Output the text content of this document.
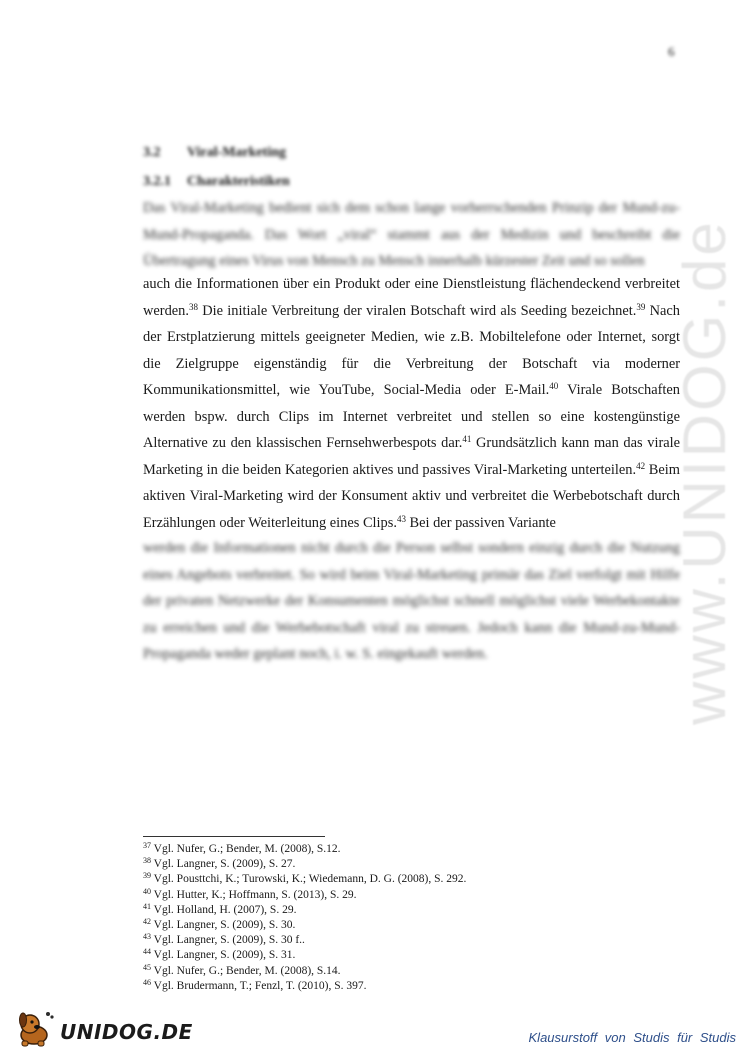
6
3.2 Viral-Marketing
3.2.1 Charakteristiken
Das Viral-Marketing bedient sich dem schon lange vorherrschenden Prinzip der Mund-zu-Mund-Propaganda. Das Wort „viral“ stammt aus der Medizin und beschreibt die Übertragung eines Virus von Mensch zu Mensch innerhalb kürzester Zeit und so sollen
auch die Informationen über ein Produkt oder eine Dienstleistung flächendeckend verbreitet werden.$^{38}$ Die initiale Verbreitung der viralen Botschaft wird als Seeding bezeichnet.$^{39}$ Nach der Erstplatzierung mittels geeigneter Medien, wie z.B. Mobiltelefone oder Internet, sorgt die Zielgruppe eigenständig für die Verbreitung der Botschaft via moderner Kommunikationsmittel, wie YouTube, Social-Media oder E-Mail.$^{40}$ Virale Botschaften werden bspw. durch Clips im Internet verbreitet und stellen so eine kostengünstige Alternative zu den klassischen Fernsehwerbespots dar.$^{41}$ Grundsätzlich kann man das virale Marketing in die beiden Kategorien aktives und passives Viral-Marketing unterteilen.$^{42}$ Beim aktiven Viral-Marketing wird der Konsument aktiv und verbreitet die Werbebotschaft durch Erzählungen oder Weiterleitung eines Clips.$^{43}$ Bei der passiven Variante
werden die Informationen nicht durch die Person selbst sondern einzig durch die Nutzung eines Angebots verbreitet. So wird beim Viral-Marketing primär das Ziel verfolgt mit Hilfe der privaten Netzwerke der Konsumenten möglichst schnell möglichst viele Werbekontakte zu erreichen und die Werbebotschaft viral zu streuen. Jedoch kann die Mund-zu-Mund-Propaganda weder geplant noch, i. w. S. eingekauft werden.
$^{37}$ Vgl. Nufer, G.; Bender, M. (2008), S.12.
$^{38}$ Vgl. Langner, S. (2009), S. 27.
$^{39}$ Vgl. Pousttchi, K.; Turowski, K.; Wiedemann, D. G. (2008), S. 292.
$^{40}$ Vgl. Hutter, K.; Hoffmann, S. (2013), S. 29.
$^{41}$ Vgl. Holland, H. (2007), S. 29.
$^{42}$ Vgl. Langner, S. (2009), S. 30.
$^{43}$ Vgl. Langner, S. (2009), S. 30 f..
$^{44}$ Vgl. Langner, S. (2009), S. 31.
$^{45}$ Vgl. Nufer, G.; Bender, M. (2008), S.14.
$^{46}$ Vgl. Brudermann, T.; Fenzl, T. (2010), S. 397.
www.UNIDOG.de
UNIDOG.DE	Klausurstoff von Studis für Studis
